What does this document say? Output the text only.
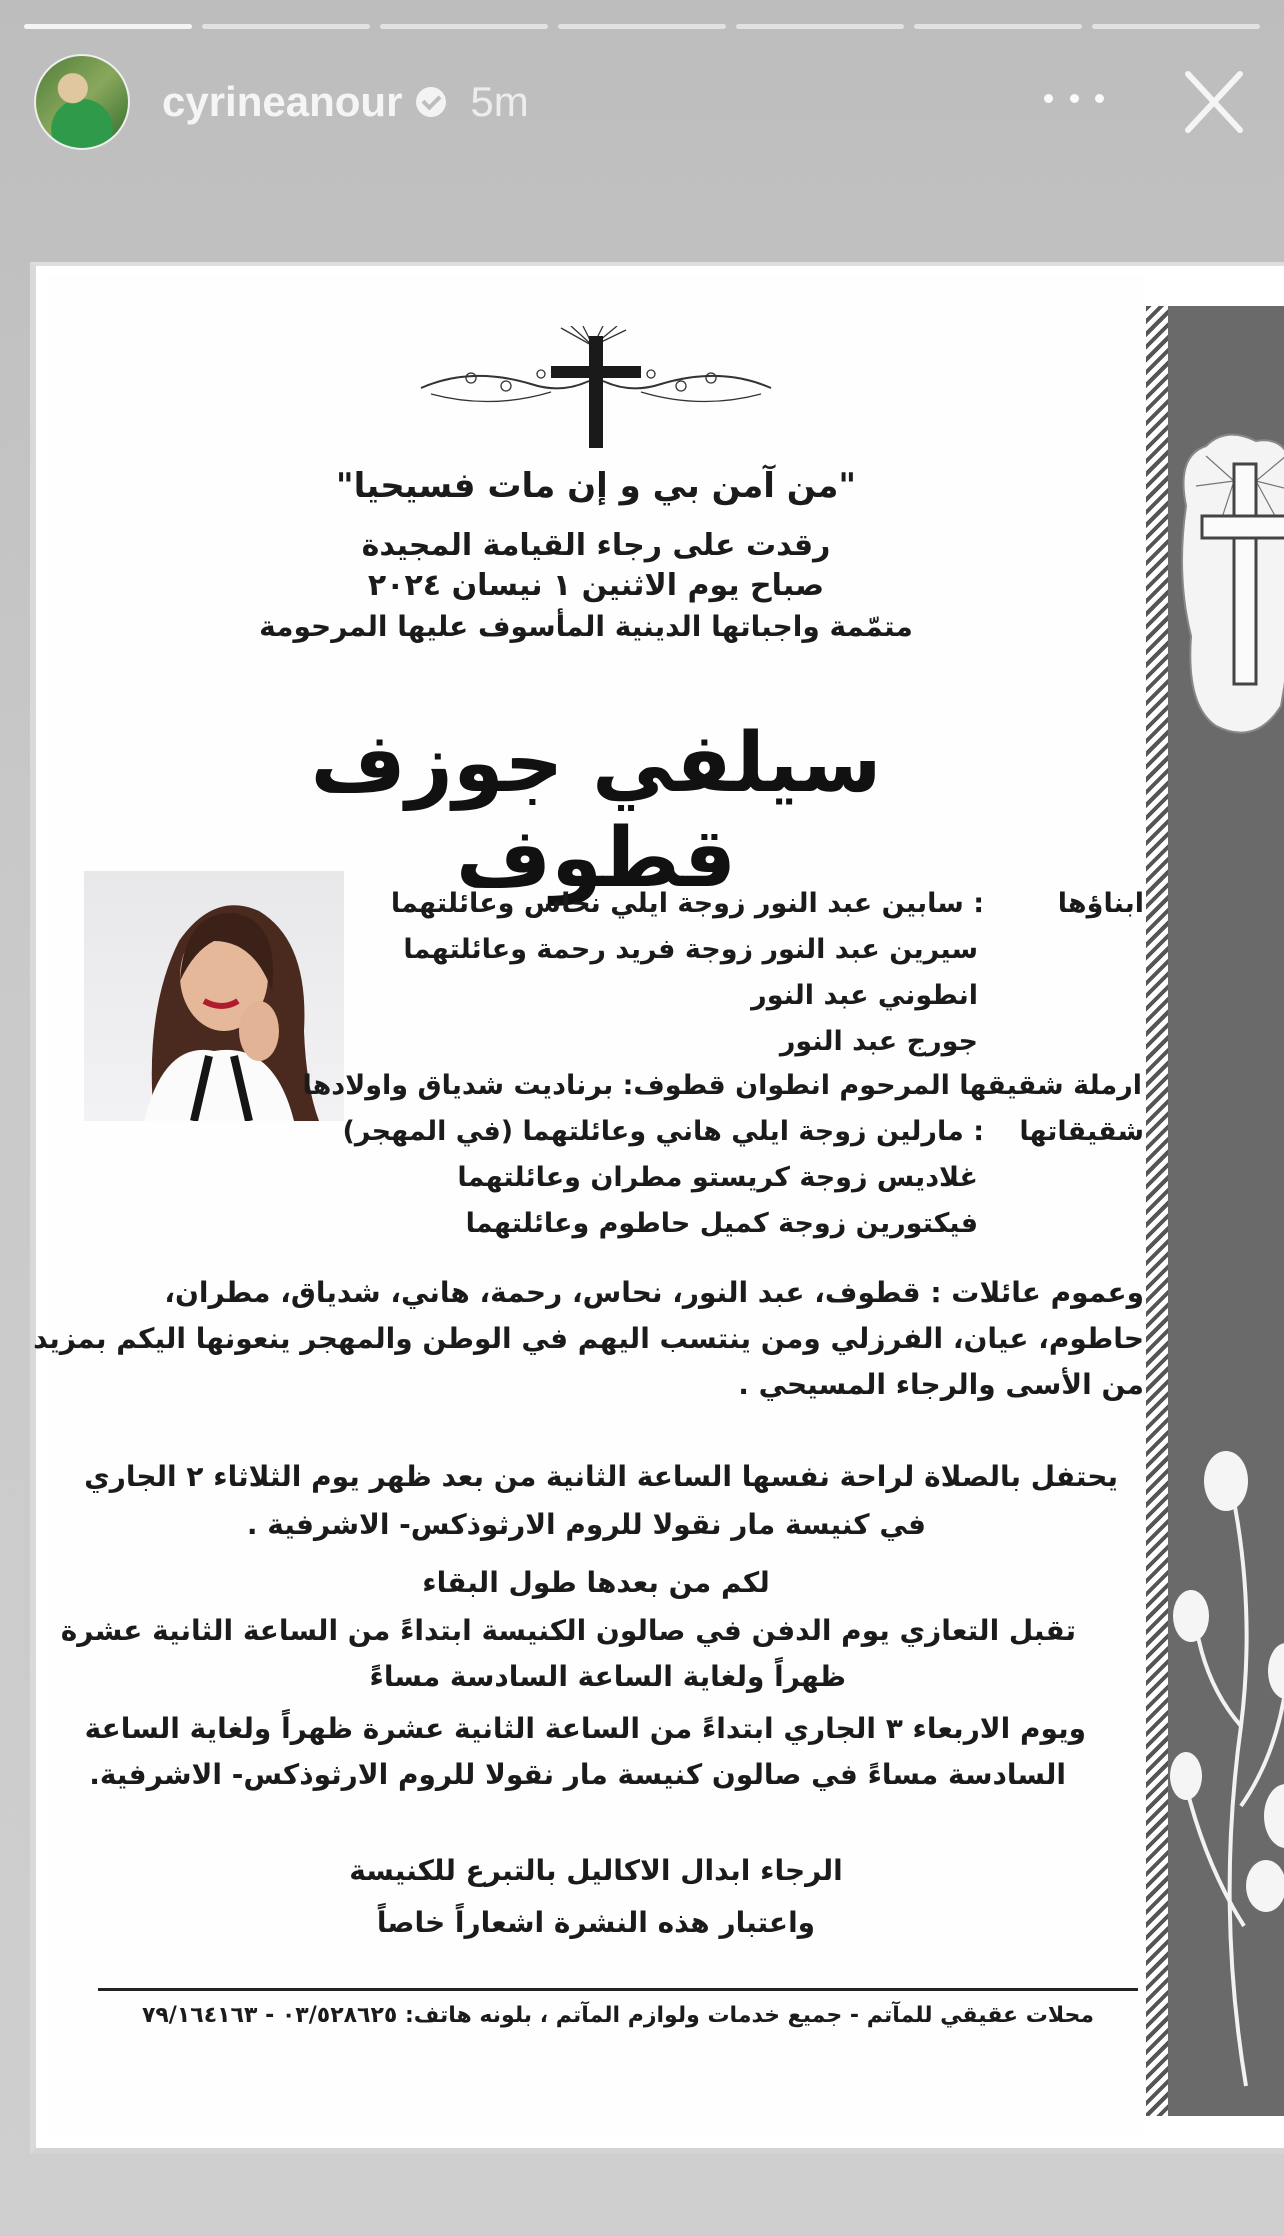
cyrineanour 5m
"من آمن بي و إن مات فسيحيا"
رقدت على رجاء القيامة المجيدة
صباح يوم الاثنين ١ نيسان ٢٠٢٤
متمّمة واجباتها الدينية المأسوف عليها المرحومة
سيلفي جوزف قطوف	ابناؤها
: سابين عبد النور زوجة ايلي نحاس وعائلتهما
سيرين عبد النور زوجة فريد رحمة وعائلتهما
انطوني عبد النور
جورج عبد النور
ارملة شقيقها المرحوم انطوان قطوف: برناديت شدياق واولادها
شقيقاتها
: مارلين زوجة ايلي هاني وعائلتهما (في المهجر)
غلاديس زوجة كريستو مطران وعائلتهما
فيكتورين زوجة كميل حاطوم وعائلتهما
وعموم عائلات : قطوف، عبد النور، نحاس، رحمة، هاني، شدياق، مطران،
حاطوم، عيان، الفرزلي ومن ينتسب اليهم في الوطن والمهجر ينعونها اليكم بمزيد
من الأسى والرجاء المسيحي .
يحتفل بالصلاة لراحة نفسها الساعة الثانية من بعد ظهر يوم الثلاثاء ٢ الجاري
في كنيسة مار نقولا للروم الارثوذكس- الاشرفية .
لكم من بعدها طول البقاء
تقبل التعازي يوم الدفن في صالون الكنيسة ابتداءً من الساعة الثانية عشرة
ظهراً ولغاية الساعة السادسة مساءً
ويوم الاربعاء ٣ الجاري ابتداءً من الساعة الثانية عشرة ظهراً ولغاية الساعة
السادسة مساءً في صالون كنيسة مار نقولا للروم الارثوذكس- الاشرفية.
الرجاء ابدال الاكاليل بالتبرع للكنيسة
واعتبار هذه النشرة اشعاراً خاصاً
محلات عقيقي للمآتم - جميع خدمات ولوازم المآتم ، بلونه هاتف: ٠٣/٥٢٨٦٢٥ - ٧٩/١٦٤١٦٣
